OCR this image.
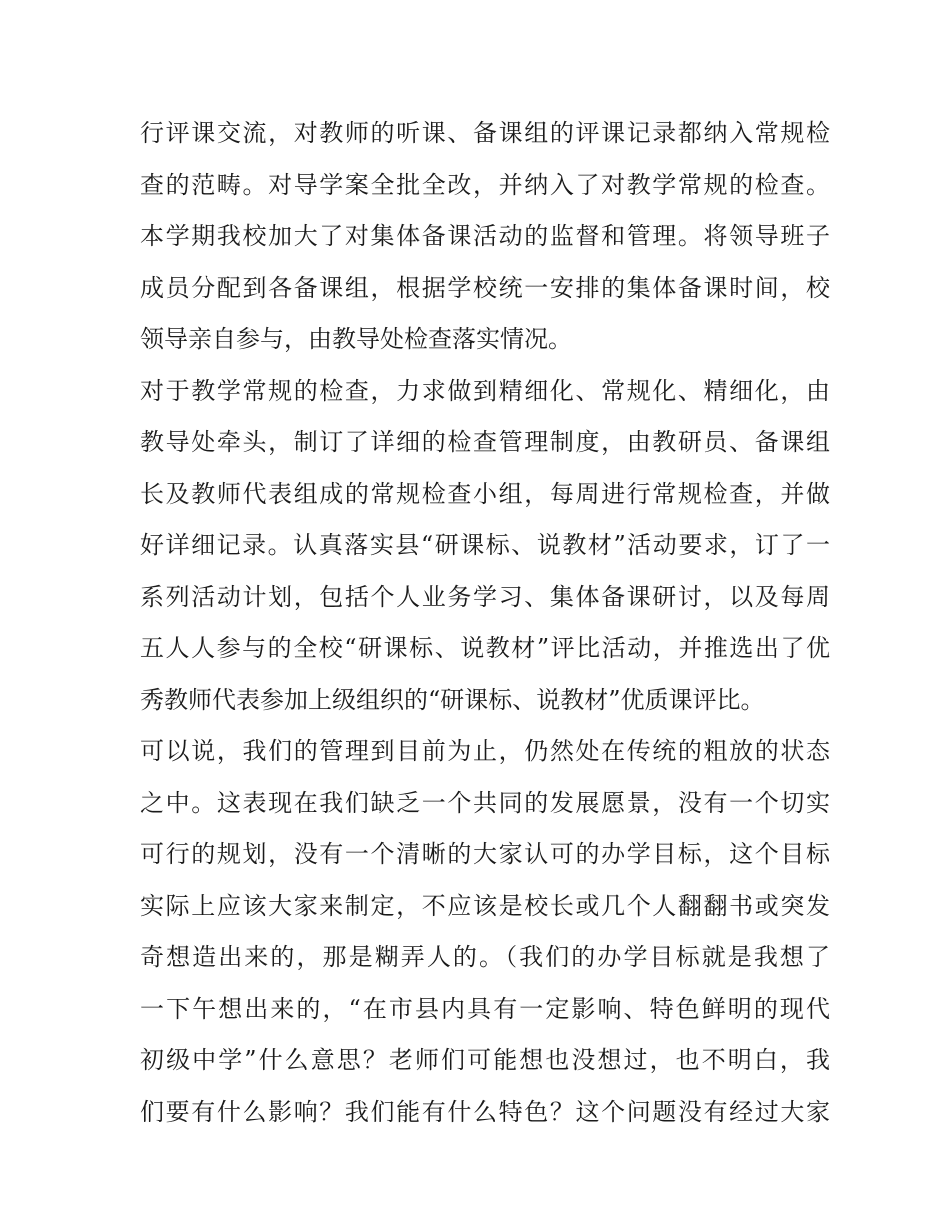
行评课交流，对教师的听课、备课组的评课记录都纳入常规检
查的范畴。对导学案全批全改，并纳入了对教学常规的检查。
本学期我校加大了对集体备课活动的监督和管理。将领导班子
成员分配到各备课组，根据学校统一安排的集体备课时间，校
领导亲自参与，由教导处检查落实情况。
对于教学常规的检查，力求做到精细化、常规化、精细化，由
教导处牵头，制订了详细的检查管理制度，由教研员、备课组
长及教师代表组成的常规检查小组，每周进行常规检查，并做
好详细记录。认真落实县“研课标、说教材”活动要求，订了一
系列活动计划，包括个人业务学习、集体备课研讨，以及每周
五人人参与的全校“研课标、说教材”评比活动，并推选出了优
秀教师代表参加上级组织的“研课标、说教材”优质课评比。
可以说，我们的管理到目前为止，仍然处在传统的粗放的状态
之中。这表现在我们缺乏一个共同的发展愿景，没有一个切实
可行的规划，没有一个清晰的大家认可的办学目标，这个目标
实际上应该大家来制定，不应该是校长或几个人翻翻书或突发
奇想造出来的，那是糊弄人的。（我们的办学目标就是我想了
一下午想出来的，“在市县内具有一定影响、特色鲜明的现代
初级中学”什么意思？老师们可能想也没想过，也不明白，我
们要有什么影响？我们能有什么特色？这个问题没有经过大家
